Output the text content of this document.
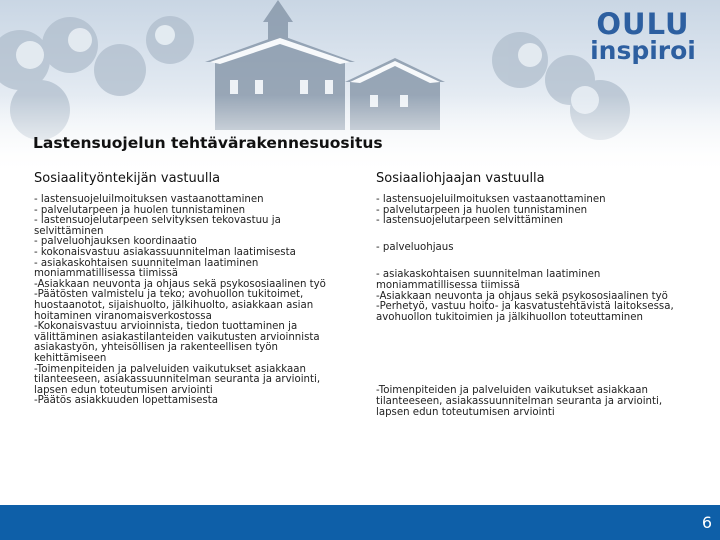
OULU
inspiroi
Lastensuojelun tehtävärakennesuositus
Sosiaalityöntekijän vastuulla
- lastensuojeluilmoituksen vastaanottaminen
- palvelutarpeen ja huolen tunnistaminen
- lastensuojelutarpeen selvityksen tekovastuu ja selvittäminen
- palveluohjauksen koordinaatio
- kokonaisvastuu asiakassuunnitelman laatimisesta
- asiakaskohtaisen suunnitelman laatiminen moniammatillisessa tiimissä
-Asiakkaan neuvonta ja ohjaus sekä psykososiaalinen työ
-Päätösten valmistelu ja teko; avohuollon tukitoimet, huostaanotot, sijaishuolto, jälkihuolto, asiakkaan asian hoitaminen viranomaisverkostossa
-Kokonaisvastuu arvioinnista, tiedon tuottaminen ja välittäminen asiakastilanteiden vaikutusten arvioinnista asiakastyön, yhteisöllisen ja rakenteellisen työn kehittämiseen
-Toimenpiteiden ja palveluiden vaikutukset asiakkaan tilanteeseen, asiakassuunnitelman seuranta ja arviointi, lapsen edun toteutumisen arviointi
-Päätös asiakkuuden lopettamisesta
Sosiaaliohjaajan vastuulla
- lastensuojeluilmoituksen vastaanottaminen
- palvelutarpeen ja huolen tunnistaminen
- lastensuojelutarpeen selvittäminen
- palveluohjaus
- asiakaskohtaisen suunnitelman laatiminen moniammatillisessa tiimissä
-Asiakkaan neuvonta ja ohjaus sekä psykososiaalinen työ
-Perhetyö, vastuu hoito- ja kasvatustehtävistä laitoksessa, avohuollon tukitoimien ja jälkihuollon toteuttaminen
-Toimenpiteiden ja palveluiden vaikutukset asiakkaan tilanteeseen, asiakassuunnitelman seuranta ja arviointi, lapsen edun toteutumisen arviointi
6
